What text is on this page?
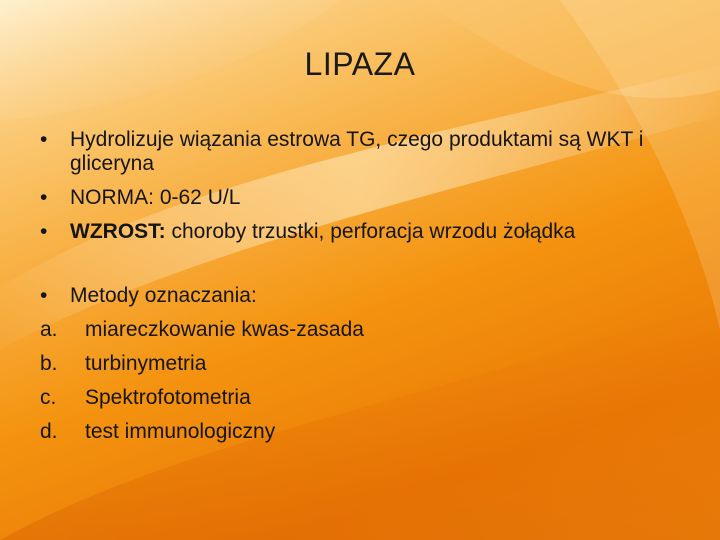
LIPAZA
•	Hydrolizuje wiązania estrowa TG, czego produktami są WKT i gliceryna
•	NORMA: 0-62 U/L
•	WZROST: choroby trzustki, perforacja wrzodu żołądka
•	Metody oznaczania:
a.	miareczkowanie kwas-zasada
b.	turbinymetria
c.	Spektrofotometria
d.	test immunologiczny
